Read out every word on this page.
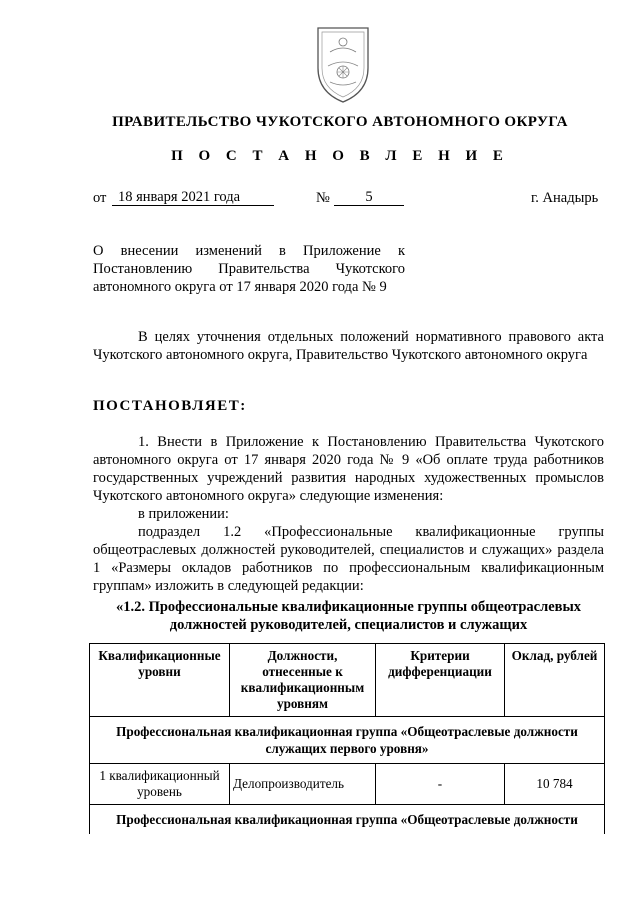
ПРАВИТЕЛЬСТВО ЧУКОТСКОГО АВТОНОМНОГО ОКРУГА
П О С Т А Н О В Л Е Н И Е
от 18 января 2021 года	№	5	г. Анадырь
О внесении изменений в Приложение к
Постановлению Правительства Чукотского
автономного округа от 17 января 2020 года № 9
В целях уточнения отдельных положений нормативного правового акта Чукотского автономного округа, Правительство Чукотского автономного округа
ПОСТАНОВЛЯЕТ:
1. Внести в Приложение к Постановлению Правительства Чукотского автономного округа от 17 января 2020 года № 9 «Об оплате труда работников государственных учреждений развития народных художественных промыслов Чукотского автономного округа» следующие изменения:
в приложении:
подраздел 1.2 «Профессиональные квалификационные группы общеотраслевых должностей руководителей, специалистов и служащих» раздела 1 «Размеры окладов работников по профессиональным квалификационным группам» изложить в следующей редакции:
«1.2. Профессиональные квалификационные группы общеотраслевых должностей руководителей, специалистов и служащих
Квалификационные уровни	Должности, отнесенные к квалификационным уровням	Критерии дифференциации	Оклад, рублей
Профессиональная квалификационная группа «Общеотраслевые должности служащих первого уровня»			
1 квалификационный уровень	Делопроизводитель	-	10 784
Профессиональная квалификационная группа «Общеотраслевые должности			
